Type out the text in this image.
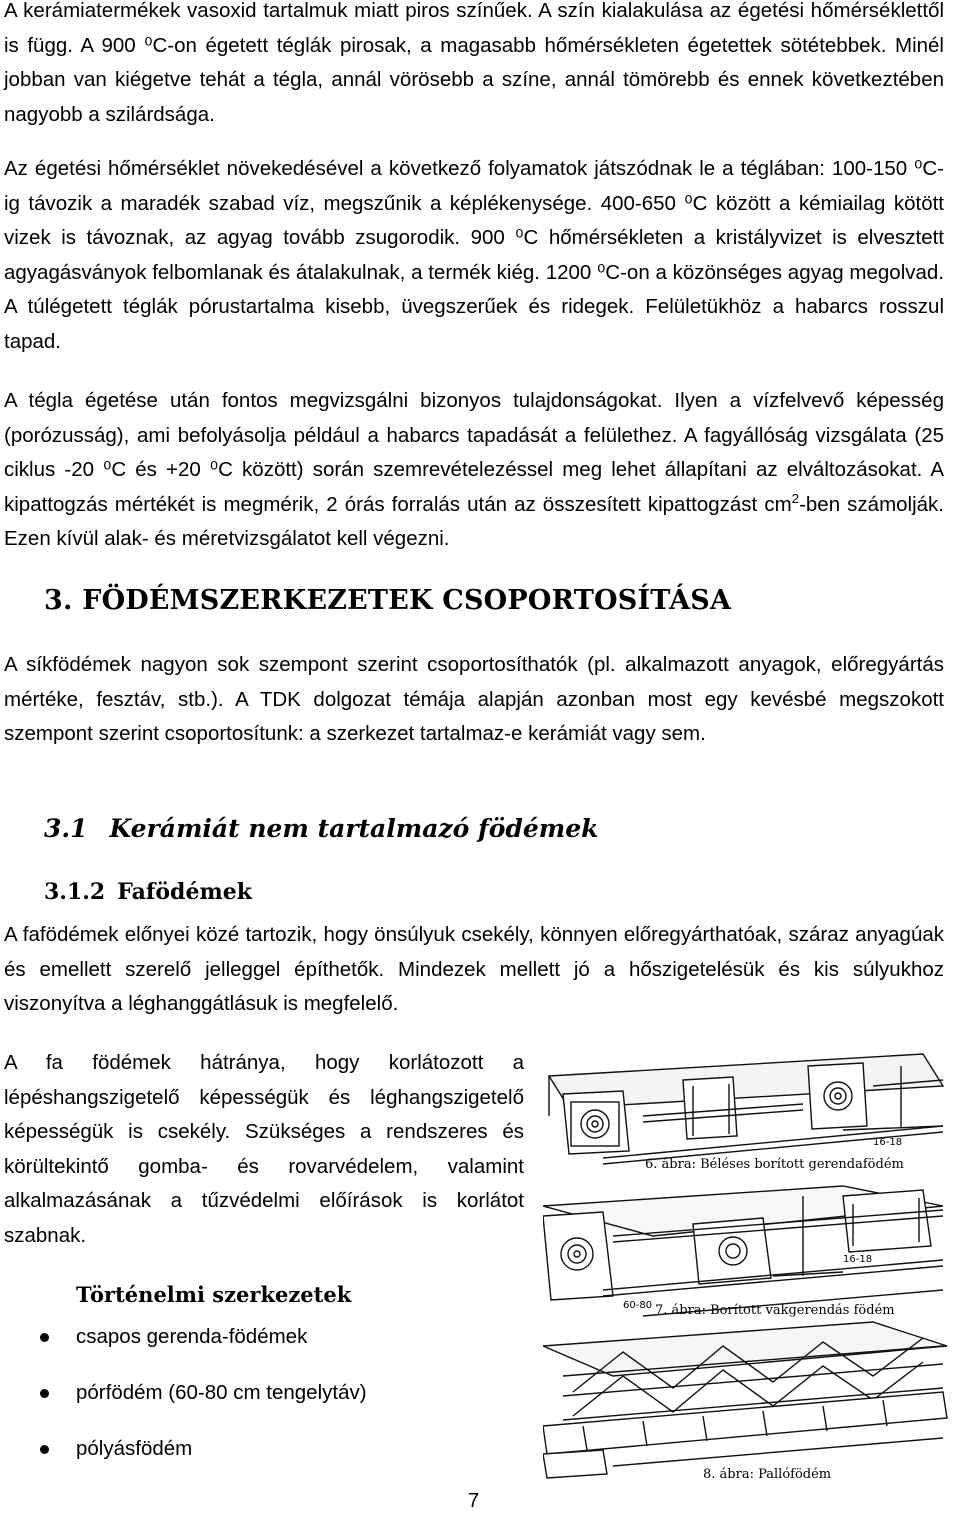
A kerámiatermékek vasoxid tartalmuk miatt piros színűek. A szín kialakulása az égetési hőmérséklettől is függ. A 900 ⁰C-on égetett téglák pirosak, a magasabb hőmérsékleten égetettek sötétebbek. Minél jobban van kiégetve tehát a tégla, annál vörösebb a színe, annál tömörebb és ennek következtében nagyobb a szilárdsága.

Az égetési hőmérséklet növekedésével a következő folyamatok játszódnak le a téglában: 100-150 ⁰C-ig távozik a maradék szabad víz, megszűnik a képlékenysége. 400-650 ⁰C között a kémiailag kötött vizek is távoznak, az agyag tovább zsugorodik. 900 ⁰C hőmérsékleten a kristályvizet is elvesztett agyagásványok felbomlanak és átalakulnak, a termék kiég. 1200 ⁰C-on a közönséges agyag megolvad. A túlégetett téglák pórustartalma kisebb, üvegszerűek és ridegek. Felületükhöz a habarcs rosszul tapad.

A tégla égetése után fontos megvizsgálni bizonyos tulajdonságokat. Ilyen a vízfelvevő képesség (porózusság), ami befolyásolja például a habarcs tapadását a felülethez. A fagyállóság vizsgálata (25 ciklus -20 ⁰C és +20 ⁰C között) során szemrevételezéssel meg lehet állapítani az elváltozásokat. A kipattogzás mértékét is megmérik, 2 órás forralás után az összesített kipattogzást $cm^2$-ben számolják. Ezen kívül alak- és méretvizsgálatot kell végezni.

3. FÖDÉMSZERKEZETEK CSOPORTOSÍTÁSA

A síkfödémek nagyon sok szempont szerint csoportosíthatók (pl. alkalmazott anyagok, előregyártás mértéke, fesztáv, stb.). A TDK dolgozat témája alapján azonban most egy kevésbé megszokott szempont szerint csoportosítunk: a szerkezet tartalmaz-e kerámiát vagy sem.

3.1 Kerámiát nem tartalmazó födémek
3.1.2 Fafödémek

A fafödémek előnyei közé tartozik, hogy önsúlyuk csekély, könnyen előregyárthatóak, száraz anyagúak és emellett szerelő jelleggel építhetők. Mindezek mellett jó a hőszigetelésük és kis súlyukhoz viszonyítva a léghanggátlásuk is megfelelő.

A fa födémek hátránya, hogy korlátozott a lépéshangszigetelő képességük és léghangszigetelő képességük is csekély. Szükséges a rendszeres és körültekintő gomba- és rovarvédelem, valamint alkalmazásának a tűzvédelmi előírások is korlátot szabnak.

Történelmi szerkezetek
csapos gerenda-födémek
pórfödém (60-80 cm tengelytáv)
pólyásfödém
16-18
6. ábra: Béléses borított gerendafödém
16-18
60-80 7. ábra: Borított vakgerendás födém
8. ábra: Pallófödém
7
